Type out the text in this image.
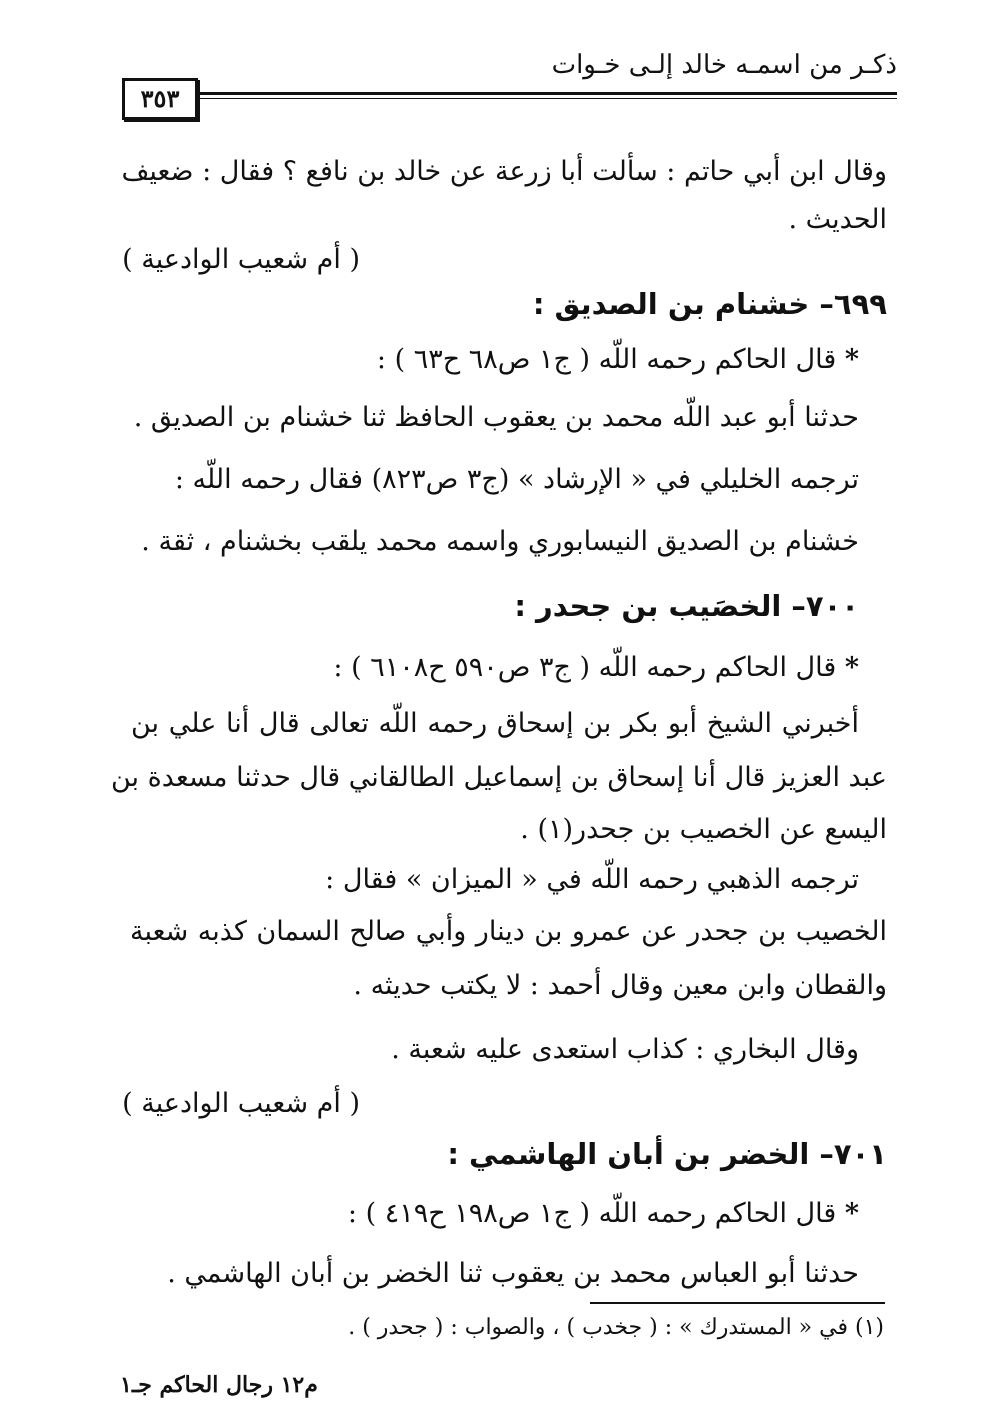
ذكـر من اسمـه خالد إلـى خـوات
٣٥٣
وقال ابن أبي حاتم : سألت أبا زرعة عن خالد بن نافع ؟ فقال : ضعيف
الحديث .
( أم شعيب الوادعية )
٦٩٩– خشنام بن الصديق :
* قال الحاكم رحمه اللّه ( ج١ ص٦٨ ح٦٣ ) :
حدثنا أبو عبد اللّه محمد بن يعقوب الحافظ ثنا خشنام بن الصديق .
ترجمه الخليلي في « الإرشاد » (ج٣ ص٨٢٣) فقال رحمه اللّه :
خشنام بن الصديق النيسابوري واسمه محمد يلقب بخشنام ، ثقة .
٧٠٠– الخصَيب بن جحدر :
* قال الحاكم رحمه اللّه ( ج٣ ص٥٩٠ ح٦١٠٨ ) :
أخبرني الشيخ أبو بكر بن إسحاق رحمه اللّه تعالى قال أنا علي بن
عبد العزيز قال أنا إسحاق بن إسماعيل الطالقاني قال حدثنا مسعدة بن
اليسع عن الخصيب بن جحدر(١) .
ترجمه الذهبي رحمه اللّه في « الميزان » فقال :
الخصيب بن جحدر عن عمرو بن دينار وأبي صالح السمان كذبه شعبة
والقطان وابن معين وقال أحمد : لا يكتب حديثه .
وقال البخاري : كذاب استعدى عليه شعبة .
( أم شعيب الوادعية )
٧٠١– الخضر بن أبان الهاشمي :
* قال الحاكم رحمه اللّه ( ج١ ص١٩٨ ح٤١٩ ) :
حدثنا أبو العباس محمد بن يعقوب ثنا الخضر بن أبان الهاشمي .
(١) في « المستدرك » : ( جخدب ) ، والصواب : ( جحدر ) .
م١٢ رجال الحاكم جـ١
